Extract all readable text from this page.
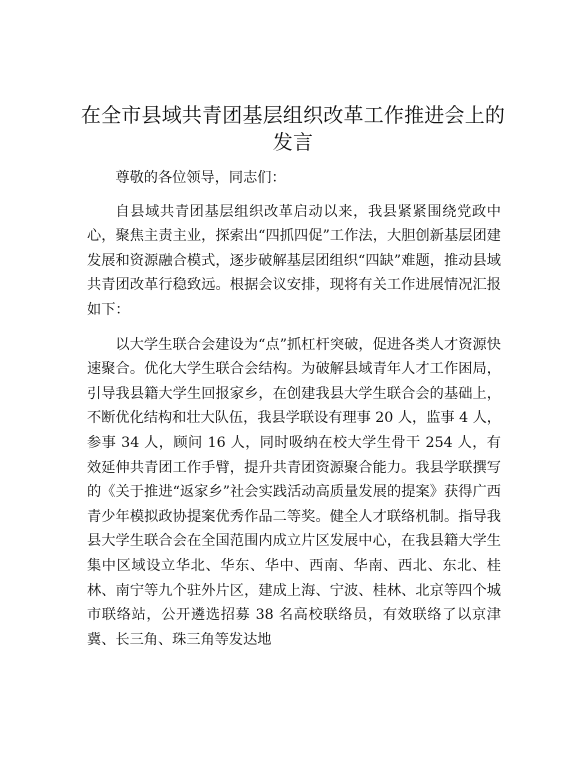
在全市县域共青团基层组织改革工作推进会上的发言

尊敬的各位领导，同志们：

自县域共青团基层组织改革启动以来，我县紧紧围绕党政中心，聚焦主责主业，探索出“四抓四促”工作法，大胆创新基层团建发展和资源融合模式，逐步破解基层团组织“四缺”难题，推动县域共青团改革行稳致远。根据会议安排，现将有关工作进展情况汇报如下：

以大学生联合会建设为“点”抓杠杆突破，促进各类人才资源快速聚合。优化大学生联合会结构。为破解县域青年人才工作困局，引导我县籍大学生回报家乡，在创建我县大学生联合会的基础上，不断优化结构和壮大队伍，我县学联设有理事 20 人，监事 4 人，参事 34 人，顾问 16 人，同时吸纳在校大学生骨干 254 人，有效延伸共青团工作手臂，提升共青团资源聚合能力。我县学联撰写的《关于推进“返家乡”社会实践活动高质量发展的提案》获得广西青少年模拟政协提案优秀作品二等奖。健全人才联络机制。指导我县大学生联合会在全国范围内成立片区发展中心，在我县籍大学生集中区域设立华北、华东、华中、西南、华南、西北、东北、桂林、南宁等九个驻外片区，建成上海、宁波、桂林、北京等四个城市联络站，公开遴选招募 38 名高校联络员，有效联络了以京津冀、长三角、珠三角等发达地
